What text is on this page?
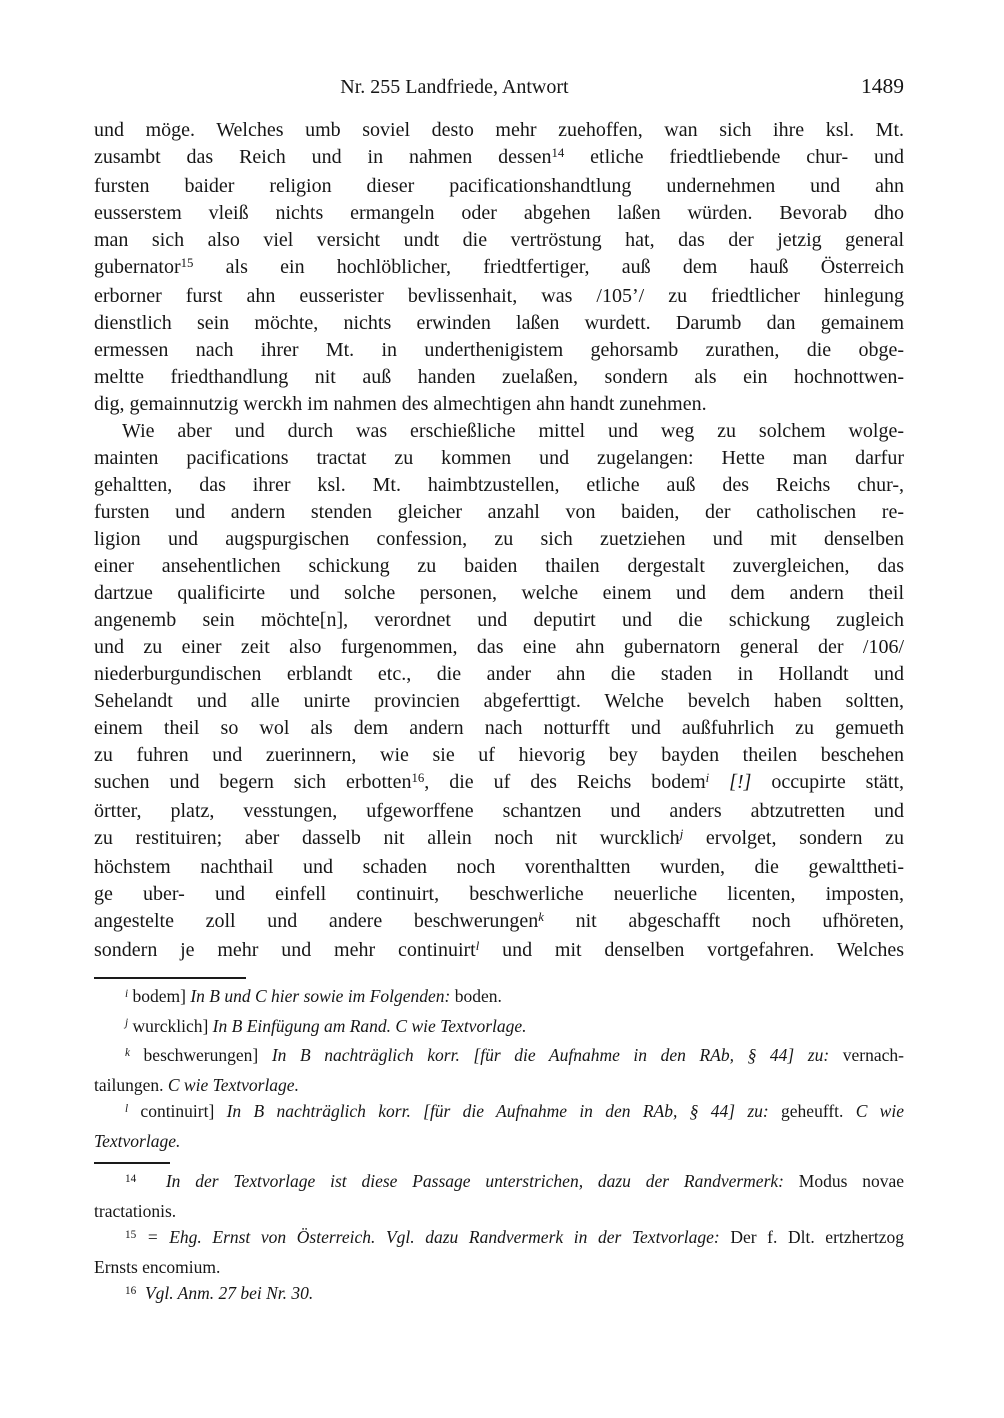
Nr. 255 Landfriede, Antwort	1489
und möge. Welches umb soviel desto mehr zuehoffen, wan sich ihre ksl. Mt.
zusambt das Reich und in nahmen dessen$^{14}$ etliche friedtliebende chur- und
fursten baider religion dieser pacificationshandtlung undernehmen und ahn
eusserstem vleiß nichts ermangeln oder abgehen laßen würden. Bevorab dho
man sich also viel versicht undt die vertröstung hat, das der jetzig general
gubernator$^{15}$ als ein hochlöblicher, friedtfertiger, auß dem hauß Österreich
erborner furst ahn eusserister bevlissenhait, was /105’/ zu friedtlicher hinlegung
dienstlich sein möchte, nichts erwinden laßen wurdett. Darumb dan gemainem
ermessen nach ihrer Mt. in underthenigistem gehorsamb zurathen, die obge-
meltte friedthandlung nit auß handen zuelaßen, sondern als ein hochnottwen-
dig, gemainnutzig werckh im nahmen des almechtigen ahn handt zunehmen.
Wie aber und durch was erschießliche mittel und weg zu solchem wolge-
mainten pacifications tractat zu kommen und zugelangen: Hette man darfur
gehaltten, das ihrer ksl. Mt. haimbtzustellen, etliche auß des Reichs chur-,
fursten und andern stenden gleicher anzahl von baiden, der catholischen re-
ligion und augspurgischen confession, zu sich zuetziehen und mit denselben
einer ansehentlichen schickung zu baiden thailen dergestalt zuvergleichen, das
dartzue qualificirte und solche personen, welche einem und dem andern theil
angenemb sein möchte[n], verordnet und deputirt und die schickung zugleich
und zu einer zeit also furgenommen, das eine ahn gubernatorn general der /106/
niederburgundischen erblandt etc., die ander ahn die staden in Hollandt und
Sehelandt und alle unirte provincien abgeferttigt. Welche bevelch haben soltten,
einem theil so wol als dem andern nach notturfft und außfuhrlich zu gemueth
zu fuhren und zuerinnern, wie sie uf hievorig bey bayden theilen beschehen
suchen und begern sich erbotten$^{16}$, die uf des Reichs bodem$^i$ [!] occupirte stätt,
örtter, platz, vesstungen, ufgeworffene schantzen und anders abtzutretten und
zu restituiren; aber dasselb nit allein noch nit wurcklich$^j$ ervolget, sondern zu
höchstem nachthail und schaden noch vorenthaltten wurden, die gewalttheti-
ge uber- und einfell continuirt, beschwerliche neuerliche licenten, imposten,
angestelte zoll und andere beschwerungen$^k$ nit abgeschafft noch ufhöreten,
sondern je mehr und mehr continuirt$^l$ und mit denselben vortgefahren. Welches
$^i$ bodem] In B und C hier sowie im Folgenden: boden.
$^j$ wurcklich] In B Einfügung am Rand. C wie Textvorlage.
$^k$ beschwerungen] In B nachträglich korr. [für die Aufnahme in den RAb, § 44] zu: vernach-
tailungen. C wie Textvorlage.
$^l$ continuirt] In B nachträglich korr. [für die Aufnahme in den RAb, § 44] zu: geheufft. C wie
Textvorlage.
$^{14}$ In der Textvorlage ist diese Passage unterstrichen, dazu der Randvermerk: Modus novae
tractationis.
$^{15}$ = Ehg. Ernst von Österreich. Vgl. dazu Randvermerk in der Textvorlage: Der f. Dlt. ertzhertzog
Ernsts encomium.
$^{16}$ Vgl. Anm. 27 bei Nr. 30.
